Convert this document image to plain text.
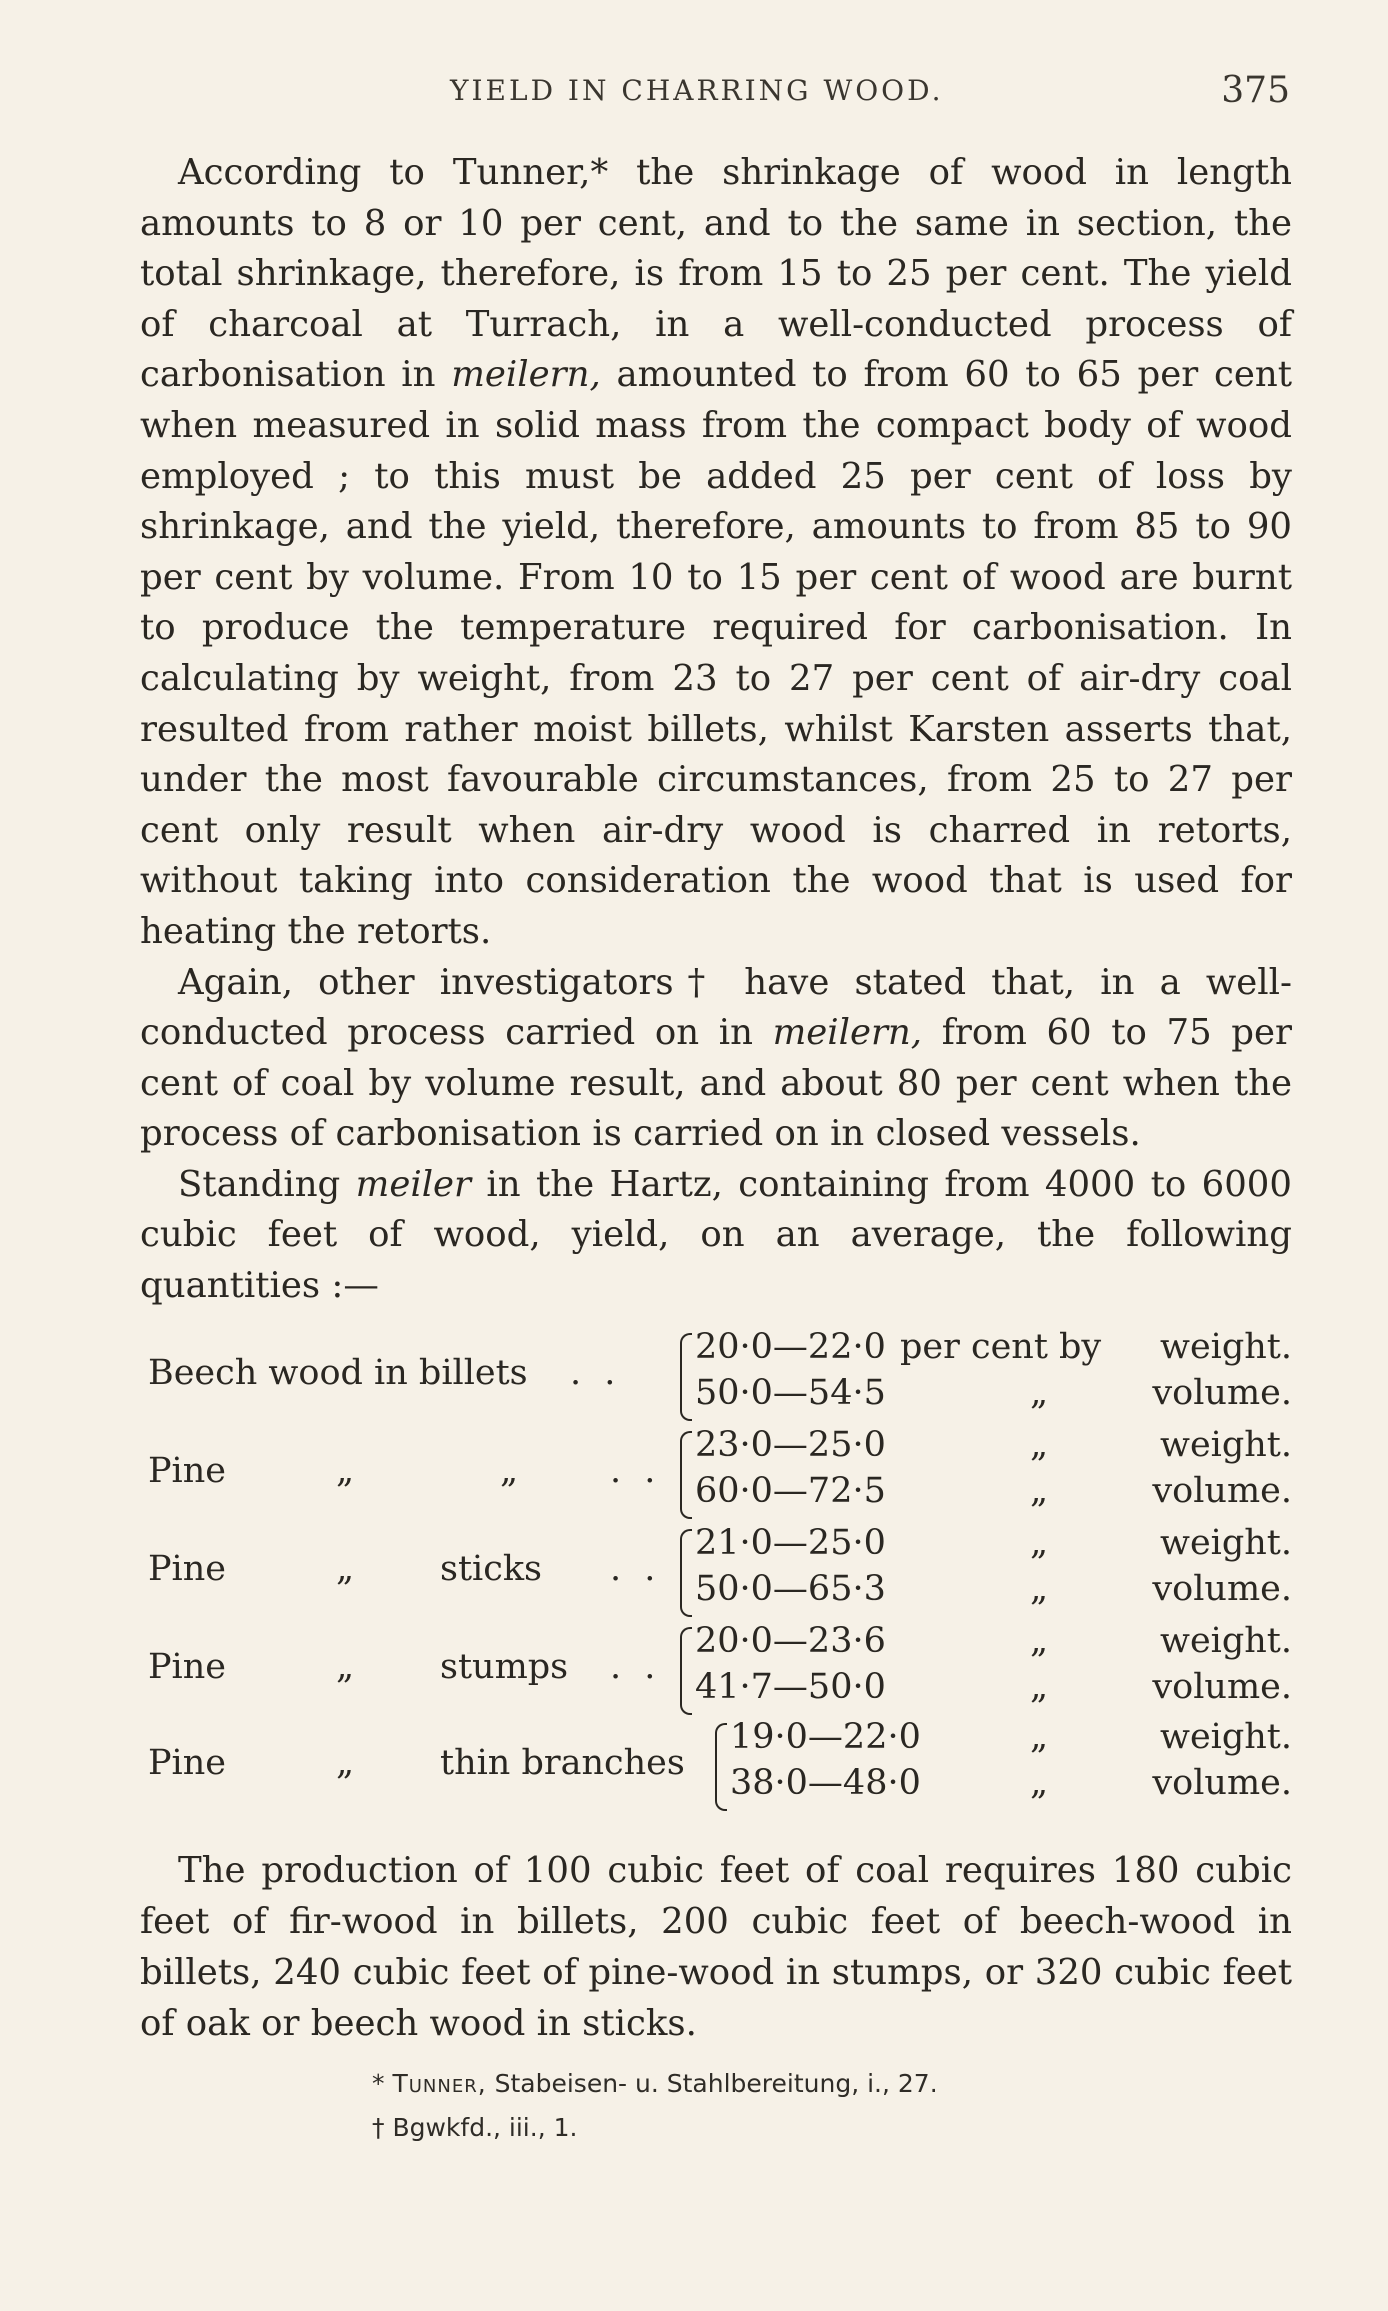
YIELD IN CHARRING WOOD.	375

According to Tunner,* the shrinkage of wood in length amounts to 8 or 10 per cent, and to the same in section, the total shrinkage, therefore, is from 15 to 25 per cent. The yield of charcoal at Turrach, in a well-conducted process of carbonisation in meilern, amounted to from 60 to 65 per cent when measured in solid mass from the compact body of wood employed ; to this must be added 25 per cent of loss by shrinkage, and the yield, therefore, amounts to from 85 to 90 per cent by volume. From 10 to 15 per cent of wood are burnt to produce the temperature required for carbonisation. In calculating by weight, from 23 to 27 per cent of air-dry coal resulted from rather moist billets, whilst Karsten asserts that, under the most favourable circumstances, from 25 to 27 per cent only result when air-dry wood is charred in retorts, without taking into consideration the wood that is used for heating the retorts.

Again, other investigators† have stated that, in a well-conducted process carried on in meilern, from 60 to 75 per cent of coal by volume result, and about 80 per cent when the process of carbonisation is carried on in closed vessels.

Standing meiler in the Hartz, containing from 4000 to 6000 cubic feet of wood, yield, on an average, the following quantities :—

Beech wood in billets . .
20·0—22·0 per cent by weight.
50·0—54·5	„	volume.
Pine	„	„	. .
23·0—25·0	„	weight.
60·0—72·5	„	volume.
Pine	„ sticks . .
21·0—25·0	„	weight.
50·0—65·3	„	volume.
Pine	„ stumps . .
20·0—23·6	„	weight.
41·7—50·0	„	volume.
Pine	„ thin branches
19·0—22·0	„	weight.
38·0—48·0	„	volume.

The production of 100 cubic feet of coal requires 180 cubic feet of fir-wood in billets, 200 cubic feet of beech-wood in billets, 240 cubic feet of pine-wood in stumps, or 320 cubic feet of oak or beech wood in sticks.

* Tunner, Stabeisen- u. Stahlbereitung, i., 27.
† Bgwkfd., iii., 1.
